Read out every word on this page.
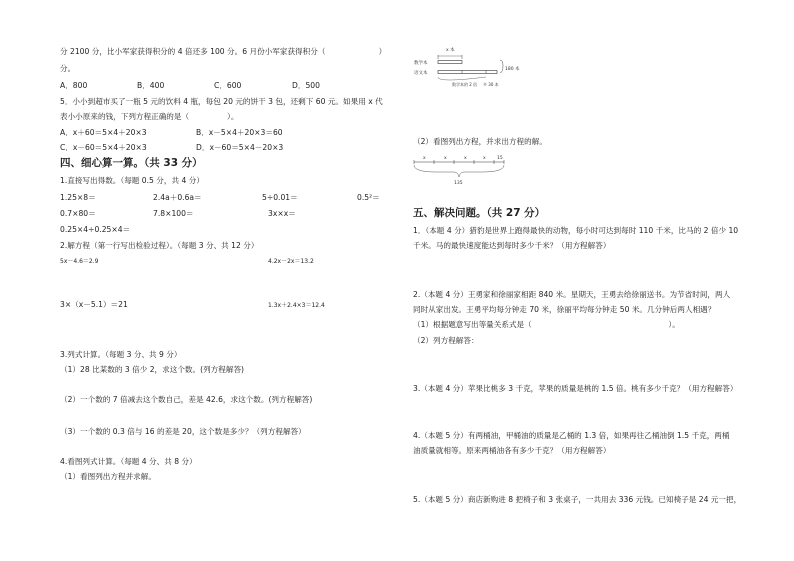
分 2100 分，比小军家获得积分的 4 倍还多 100 分。6 月份小军家获得积分（　　　　　　　）
分。
A．800	B．400	C．600	D．500
5．小小到超市买了一瓶 5 元的饮料 4 瓶，每包 20 元的饼干 3 包，还剩下 60 元。如果用 x 代
表小小原来的钱，下列方程正确的是（　　　　　）。
A．x＋60＝5×4＋20×3	B．x－5×4＋20×3＝60
C．x－60＝5×4＋20×3	D．x－60＝5×4－20×3
四、细心算一算。（共 33 分）
1.直接写出得数。（每题 0.5 分，共 4 分）
1.25×8＝	2.4a＋0.6a＝	5÷0.01＝	0.5²＝
0.7×80＝	7.8×100＝	3x×x＝
0.25×4÷0.25×4＝
2.解方程（第一行写出检验过程）。（每题 3 分、共 12 分）
5x－4.6＝2.9	4.2x－2x＝13.2
3×（x－5.1）＝21	1.3x＋2.4×3＝12.4
3.列式计算。（每题 3 分、共 9 分）
（1）28 比某数的 3 倍少 2，求这个数。(列方程解答)
（2）一个数的 7 倍减去这个数自己，差是 42.6，求这个数。(列方程解答)
（3）一个数的 0.3 倍与 16 的差是 20，这个数是多少？（列方程解答）
4.看图列式计算。（每题 4 分、共 8 分）
（1）看图列出方程并求解。
x 本
数学本
语文本
180 本
数学本的 2 倍 多 30 本
（2）看图列出方程，并求出方程的解。
x	x	x	x	15
135
五、解决问题。（共 27 分）
1．（本题 4 分）猎豹是世界上跑得最快的动物，每小时可达到每时 110 千米，比马的 2 倍少 10
千米。马的最快速度能达到每时多少千米？（用方程解答）
2.（本题 4 分）王勇家和徐丽家相距 840 米。星期天，王勇去给徐丽送书。为节省时间，两人
同时从家出发。王勇平均每分钟走 70 米，徐丽平均每分钟走 50 米。几分钟后两人相遇？
（1）根据题意写出等量关系式是（　　　　　　　　　　　　　　　　　　）。
（2）列方程解答：
3.（本题 4 分）苹果比桃多 3 千克，苹果的质量是桃的 1.5 倍。桃有多少千克？（用方程解答）
4.（本题 5 分）有两桶油，甲桶油的质量是乙桶的 1.3 倍，如果再往乙桶油倒 1.5 千克，两桶
油质量就相等。原来两桶油各有多少千克？（用方程解答）
5.（本题 5 分）商店新购进 8 把椅子和 3 张桌子，一共用去 336 元钱。已知椅子是 24 元一把，
